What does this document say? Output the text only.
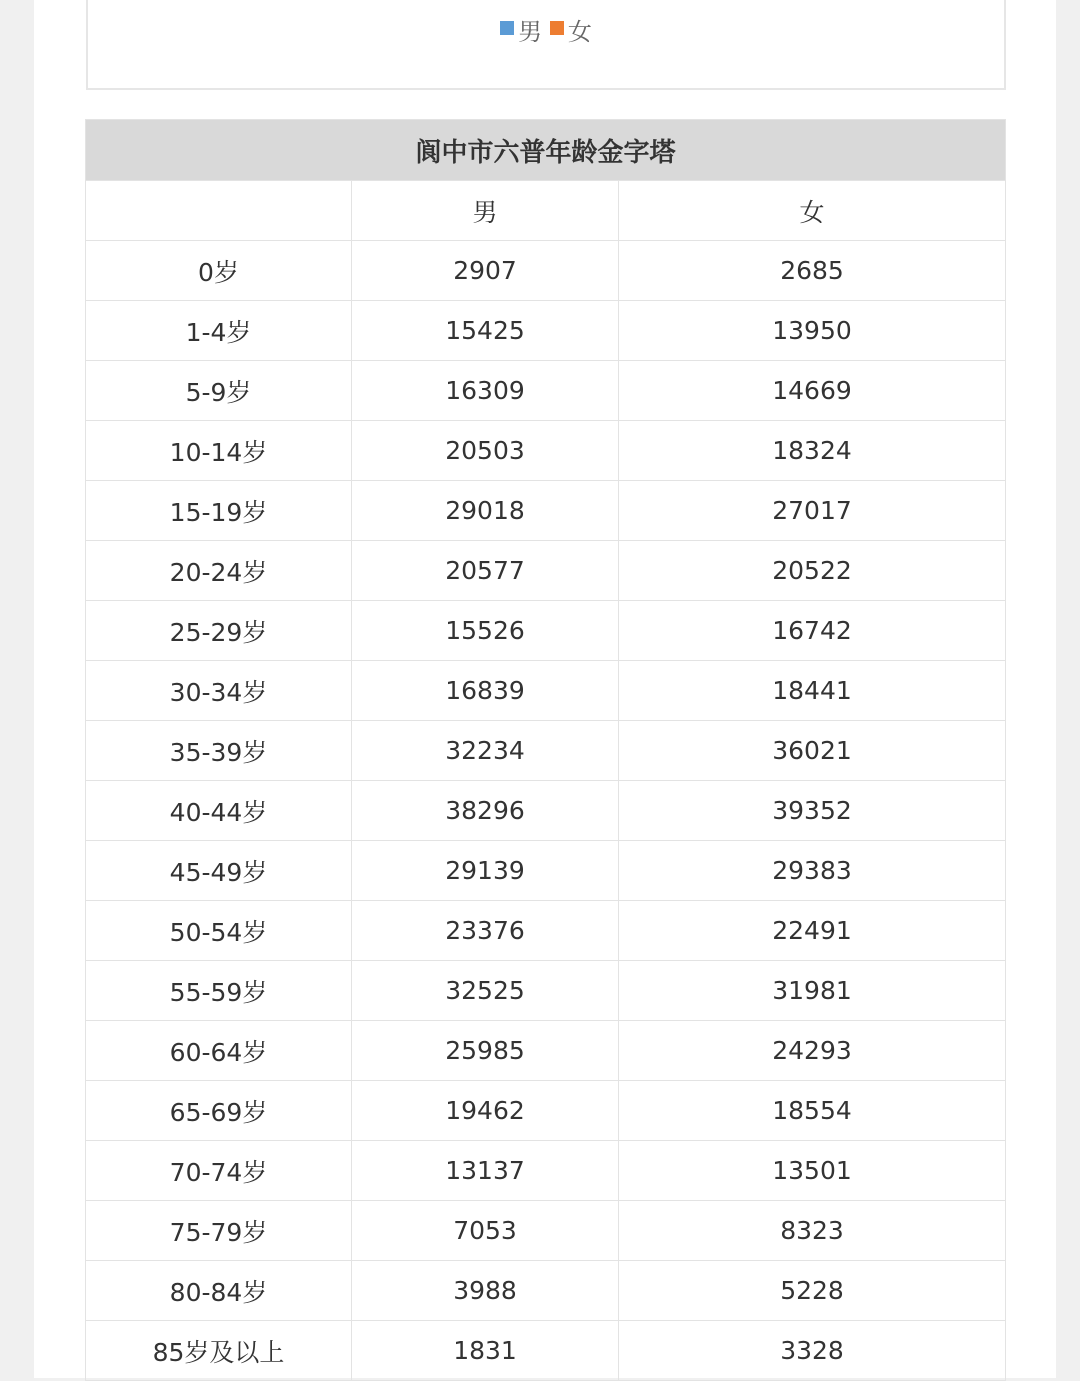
男 女
阆中市六普年龄金字塔		
	男	女
0岁	2907	2685
1-4岁	15425	13950
5-9岁	16309	14669
10-14岁	20503	18324
15-19岁	29018	27017
20-24岁	20577	20522
25-29岁	15526	16742
30-34岁	16839	18441
35-39岁	32234	36021
40-44岁	38296	39352
45-49岁	29139	29383
50-54岁	23376	22491
55-59岁	32525	31981
60-64岁	25985	24293
65-69岁	19462	18554
70-74岁	13137	13501
75-79岁	7053	8323
80-84岁	3988	5228
85岁及以上	1831	3328
